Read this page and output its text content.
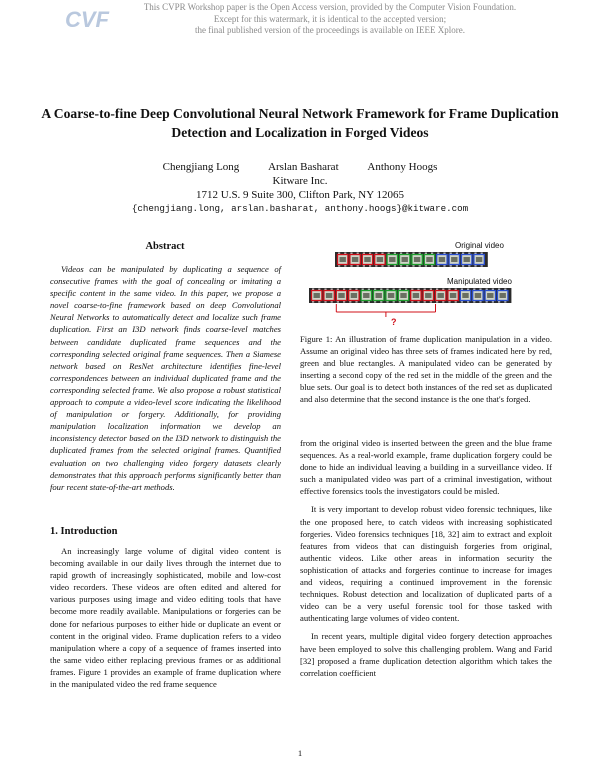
CVF	This CVPR Workshop paper is the Open Access version, provided by the Computer Vision Foundation.
Except for this watermark, it is identical to the accepted version;
the final published version of the proceedings is available on IEEE Xplore.
A Coarse-to-fine Deep Convolutional Neural Network Framework for Frame Duplication Detection and Localization in Forged Videos
Chengjiang Long	Arslan Basharat	Anthony Hoogs
Kitware Inc.
1712 U.S. 9 Suite 300, Clifton Park, NY 12065
{chengjiang.long, arslan.basharat, anthony.hoogs}@kitware.com
Abstract
Videos can be manipulated by duplicating a sequence of consecutive frames with the goal of concealing or imitating a specific content in the same video. In this paper, we propose a novel coarse-to-fine framework based on deep Convolutional Neural Networks to automatically detect and localize such frame duplication. First an I3D network finds coarse-level matches between candidate duplicated frame sequences and the corresponding selected original frame sequences. Then a Siamese network based on ResNet architecture identifies fine-level correspondences between an individual duplicated frame and the corresponding selected frame. We also propose a robust statistical approach to compute a video-level score indicating the likelihood of manipulation or forgery. Additionally, for providing manipulation localization information we develop an inconsistency detector based on the I3D network to distinguish the duplicated frames from the selected original frames. Quantified evaluation on two challenging video forgery datasets clearly demonstrates that this approach performs significantly better than four recent state-of-the-art methods.
1. Introduction
An increasingly large volume of digital video content is becoming available in our daily lives through the internet due to rapid growth of increasingly sophisticated, mobile and low-cost video recorders. These videos are often edited and altered for various purposes using image and video editing tools that have become more readily available. Manipulations or forgeries can be done for nefarious purposes to either hide or duplicate an event or content in the original video. Frame duplication refers to a video manipulation where a copy of a sequence of frames inserted into the same video either replacing previous frames or as additional frames. Figure 1 provides an example of frame duplication where in the manipulated video the red frame sequence
Original video
Manipulated video
?
Figure 1: An illustration of frame duplication manipulation in a video. Assume an original video has three sets of frames indicated here by red, green and blue rectangles. A manipulated video can be generated by inserting a second copy of the red set in the middle of the green and the blue sets. Our goal is to detect both instances of the red set as duplicated and also determine that the second instance is the one that's forged.

from the original video is inserted between the green and the blue frame sequences. As a real-world example, frame duplication forgery could be done to hide an individual leaving a building in a surveillance video. If such a manipulated video was part of a criminal investigation, without effective forensics tools the investigators could be misled.

It is very important to develop robust video forensic techniques, like the one proposed here, to catch videos with increasing sophisticated forgeries. Video forensics techniques [18, 32] aim to extract and exploit features from videos that can distinguish forgeries from original, authentic videos. Like other areas in information security the sophistication of attacks and forgeries continue to increase for images and videos, requiring a continued improvement in the forensic techniques. Robust detection and localization of duplicated parts of a video can be a very useful forensic tool for those tasked with authenticating large volumes of video content.

In recent years, multiple digital video forgery detection approaches have been employed to solve this challenging problem. Wang and Farid [32] proposed a frame duplication detection algorithm which takes the correlation coefficient

1
